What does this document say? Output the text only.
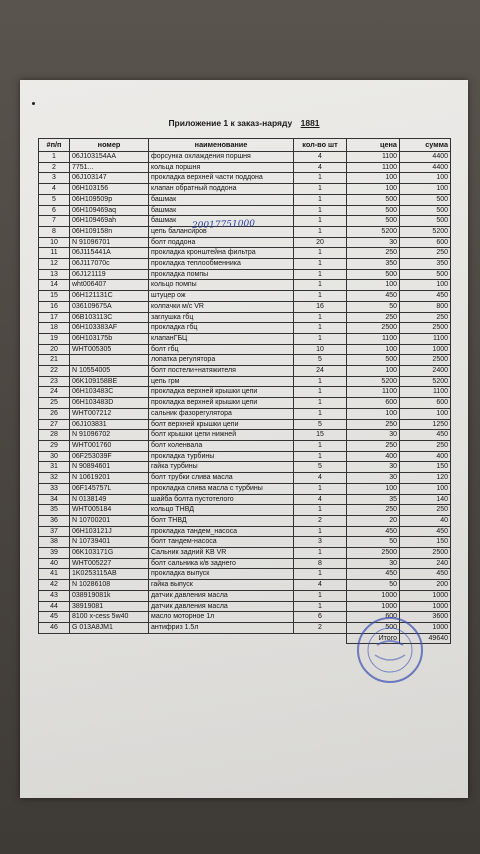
Приложение 1 к заказ-наряду 1881
#п/п	номер	наименование	кол-во шт	цена	сумма
1	06J103154AA	форсунка охлаждения поршня	4	1100	4400
2	7751...	кольца поршня	4	1100	4400
3	06J103147	прокладка верхней части поддона	1	100	100
4	06H103156	клапан обратный поддона	1	100	100
5	06H109509p	башмак	1	500	500
6	06H109469aq	башмак	1	500	500
7	06H109469ah	башмак	1	500	500
8	06H109158n	цепь балансиров	1	5200	5200
10	N 91096701	болт поддона	20	30	600
11	06J115441A	прокладка кронштейна фильтра	1	250	250
12	06J117070c	прокладка теплообменника	1	350	350
13	06J121119	прокладка помпы	1	500	500
14	wht006407	кольцо помпы	1	100	100
15	06H121131C	штуцер ож	1	450	450
16	036109675A	колпачки м/с VR	16	50	800
17	06B103113C	заглушка гбц	1	250	250
18	06H103383AF	прокладка гбц	1	2500	2500
19	06H103175b	клапанГБЦ	1	1100	1100
20	WHT005305	болт гбц	10	100	1000
21		лопатка регулятора	5	500	2500
22	N 10554005	болт постели+натяжителя	24	100	2400
23	06K109158BE	цепь грм	1	5200	5200
24	06H103483C	прокладка верхней крышки цепи	1	1100	1100
25	06H103483D	прокладка верхней крышки цепи	1	600	600
26	WHT007212	сальник фазорегулятора	1	100	100
27	06J103831	болт верхней крышки цепи	5	250	1250
28	N 91096702	болт крышки цепи нижней	15	30	450
29	WHT001760	болт коленвала	1	250	250
30	06F253039F	прокладка турбины	1	400	400
31	N 90894601	гайка турбины	5	30	150
32	N 10619201	болт трубки слива масла	4	30	120
33	06F145757L	прокладка слива масла с турбины	1	100	100
34	N 0138149	шайба болта пустотелого	4	35	140
35	WHT005184	кольцо ТНВД	1	250	250
36	N 10700201	болт ТНВД	2	20	40
37	06H103121J	прокладка тандем_насоса	1	450	450
38	N 10739401	болт тандем-насоса	3	50	150
39	06K103171G	Сальник задний KB VR	1	2500	2500
40	WHT005227	болт сальника к/в заднего	8	30	240
41	1K0253115AB	прокладка выпуск	1	450	450
42	N 10286108	гайка выпуск	4	50	200
43	038919081k	датчик давления масла	1	1000	1000
44	38919081	датчик давления масла	1	1000	1000
45	8100 x-cess 5w40	масло моторное 1л	6	600	3600
46	G 013A8JM1	антифриз 1.5л	2	500	1000
				Итого	49640
20017751000
